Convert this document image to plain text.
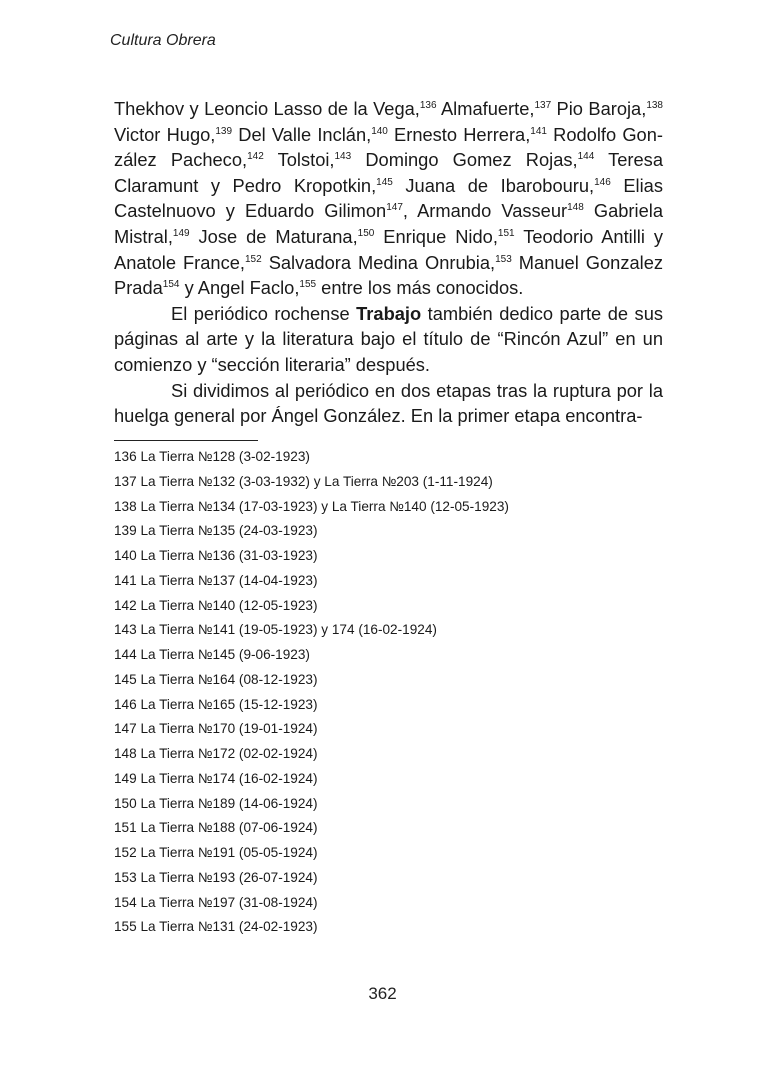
Cultura Obrera

Thekhov y Leoncio Lasso de la Vega,$^{136}$ Almafuerte,$^{137}$ Pio Baroja,$^{138}$ Victor Hugo,$^{139}$ Del Valle Inclán,$^{140}$ Ernesto Herrera,$^{141}$ Rodolfo González Pacheco,$^{142}$ Tolstoi,$^{143}$ Domingo Gomez Rojas,$^{144}$ Teresa Claramunt y Pedro Kropotkin,$^{145}$ Juana de Ibarobouru,$^{146}$ Elias Castelnuovo y Eduardo Gilimon$^{147}$, Armando Vasseur$^{148}$ Gabriela Mistral,$^{149}$ Jose de Maturana,$^{150}$ Enrique Nido,$^{151}$ Teodorio Antilli y Anatole France,$^{152}$ Salvadora Medina Onrubia,$^{153}$ Manuel Gonzalez Prada$^{154}$ y Angel Faclo,$^{155}$ entre los más conocidos.

El periódico rochense Trabajo también dedico parte de sus páginas al arte y la literatura bajo el título de “Rincón Azul” en un comienzo y “sección literaria” después.

Si dividimos al periódico en dos etapas tras la ruptura por la huelga general por Ángel González. En la primer etapa encontra-

136 La Tierra №128 (3-02-1923)
137 La Tierra №132 (3-03-1932) y La Tierra №203 (1-11-1924)
138 La Tierra №134 (17-03-1923) y La Tierra №140 (12-05-1923)
139 La Tierra №135 (24-03-1923)
140 La Tierra №136 (31-03-1923)
141 La Tierra №137 (14-04-1923)
142 La Tierra №140 (12-05-1923)
143 La Tierra №141 (19-05-1923) y 174 (16-02-1924)
144 La Tierra №145 (9-06-1923)
145 La Tierra №164 (08-12-1923)
146 La Tierra №165 (15-12-1923)
147 La Tierra №170 (19-01-1924)
148 La Tierra №172 (02-02-1924)
149 La Tierra №174 (16-02-1924)
150 La Tierra №189 (14-06-1924)
151 La Tierra №188 (07-06-1924)
152 La Tierra №191 (05-05-1924)
153 La Tierra №193 (26-07-1924)
154 La Tierra №197 (31-08-1924)
155 La Tierra №131 (24-02-1923)
362
